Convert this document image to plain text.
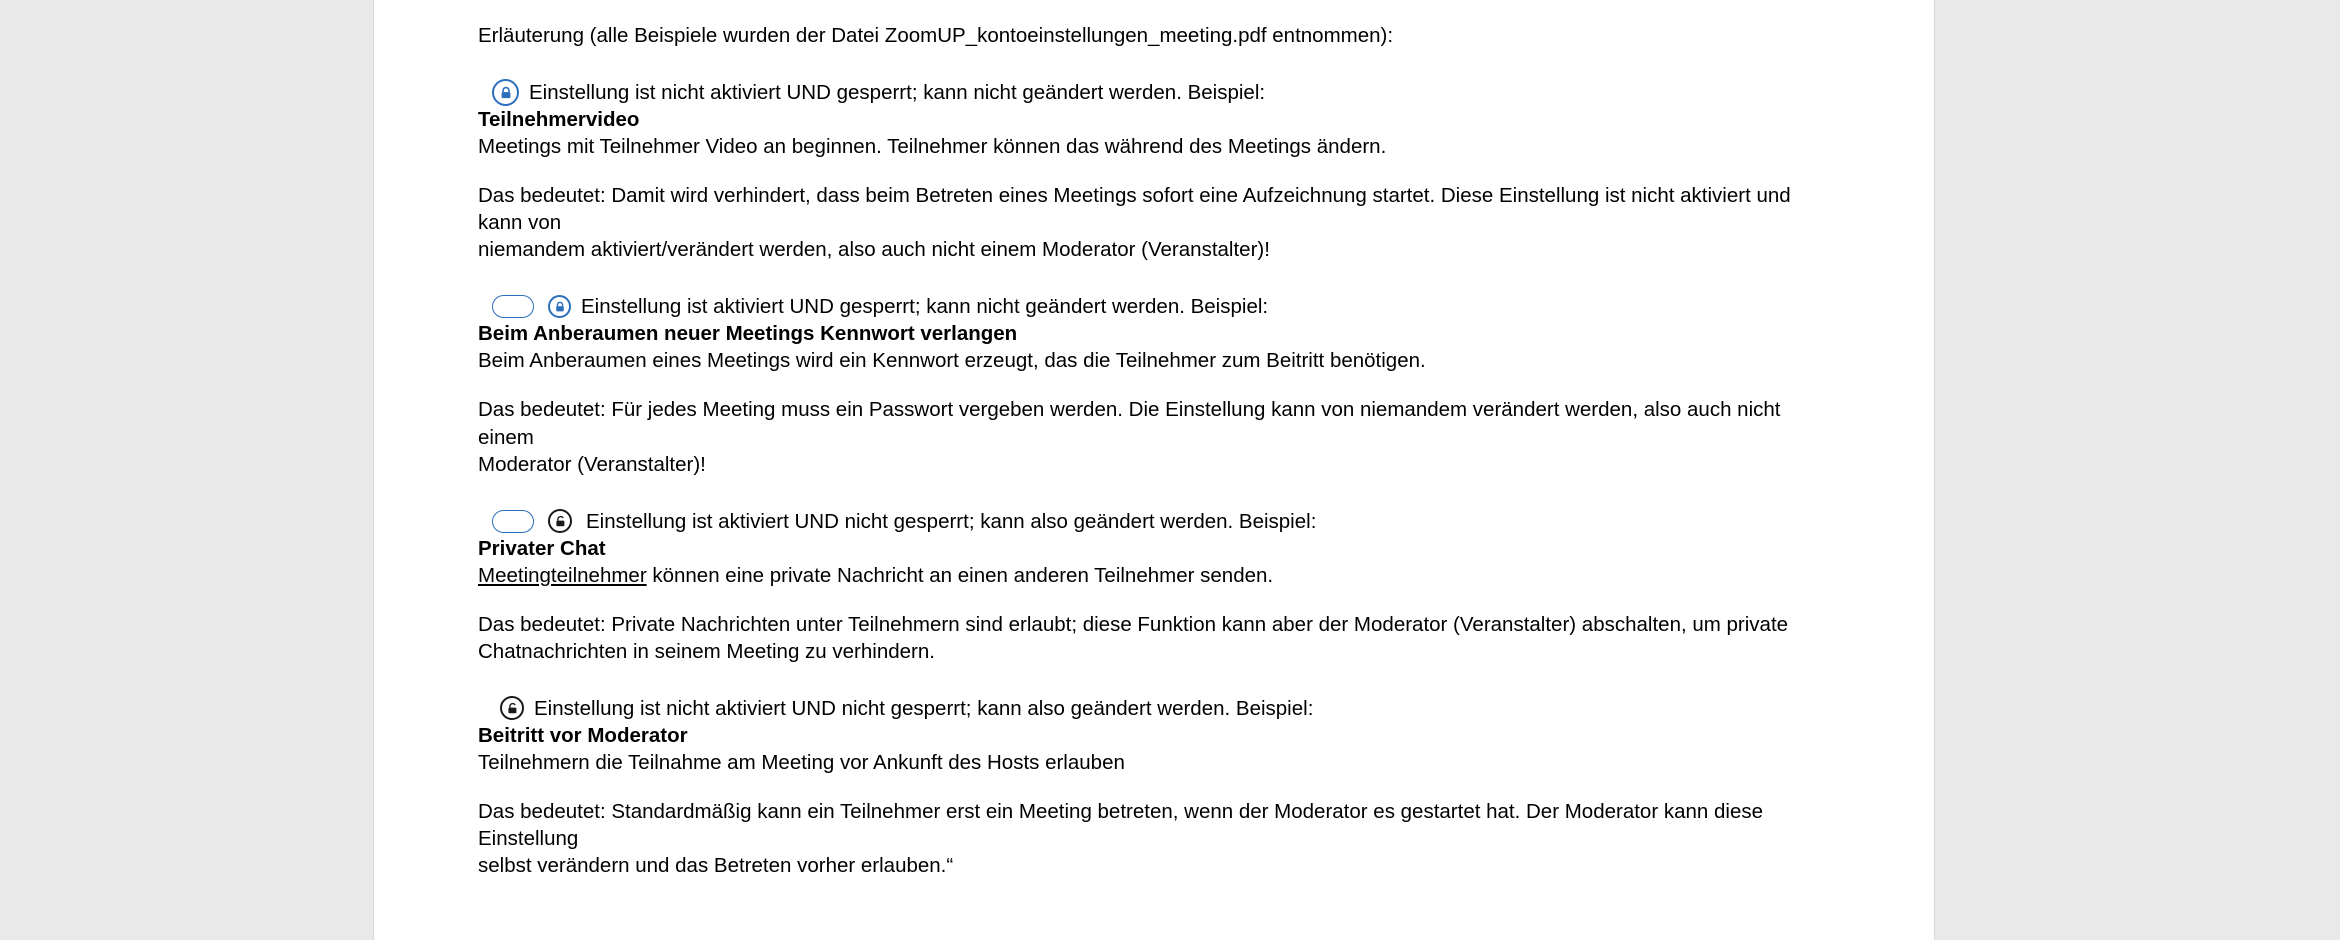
Erläuterung (alle Beispiele wurden der Datei ZoomUP_kontoeinstellungen_meeting.pdf entnommen):

Einstellung ist nicht aktiviert UND gesperrt; kann nicht geändert werden. Beispiel:

Teilnehmervideo

Meetings mit Teilnehmer Video an beginnen. Teilnehmer können das während des Meetings ändern.

Das bedeutet: Damit wird verhindert, dass beim Betreten eines Meetings sofort eine Aufzeichnung startet. Diese Einstellung ist nicht aktiviert und kann von

niemandem aktiviert/verändert werden, also auch nicht einem Moderator (Veranstalter)!

Einstellung ist aktiviert UND gesperrt; kann nicht geändert werden. Beispiel:

Beim Anberaumen neuer Meetings Kennwort verlangen

Beim Anberaumen eines Meetings wird ein Kennwort erzeugt, das die Teilnehmer zum Beitritt benötigen.

Das bedeutet: Für jedes Meeting muss ein Passwort vergeben werden. Die Einstellung kann von niemandem verändert werden, also auch nicht einem

Moderator (Veranstalter)!

Einstellung ist aktiviert UND nicht gesperrt; kann also geändert werden. Beispiel:

Privater Chat

Meetingteilnehmer können eine private Nachricht an einen anderen Teilnehmer senden.

Das bedeutet: Private Nachrichten unter Teilnehmern sind erlaubt; diese Funktion kann aber der Moderator (Veranstalter) abschalten, um private

Chatnachrichten in seinem Meeting zu verhindern.

Einstellung ist nicht aktiviert UND nicht gesperrt; kann also geändert werden. Beispiel:

Beitritt vor Moderator

Teilnehmern die Teilnahme am Meeting vor Ankunft des Hosts erlauben

Das bedeutet: Standardmäßig kann ein Teilnehmer erst ein Meeting betreten, wenn der Moderator es gestartet hat. Der Moderator kann diese Einstellung

selbst verändern und das Betreten vorher erlauben.“
